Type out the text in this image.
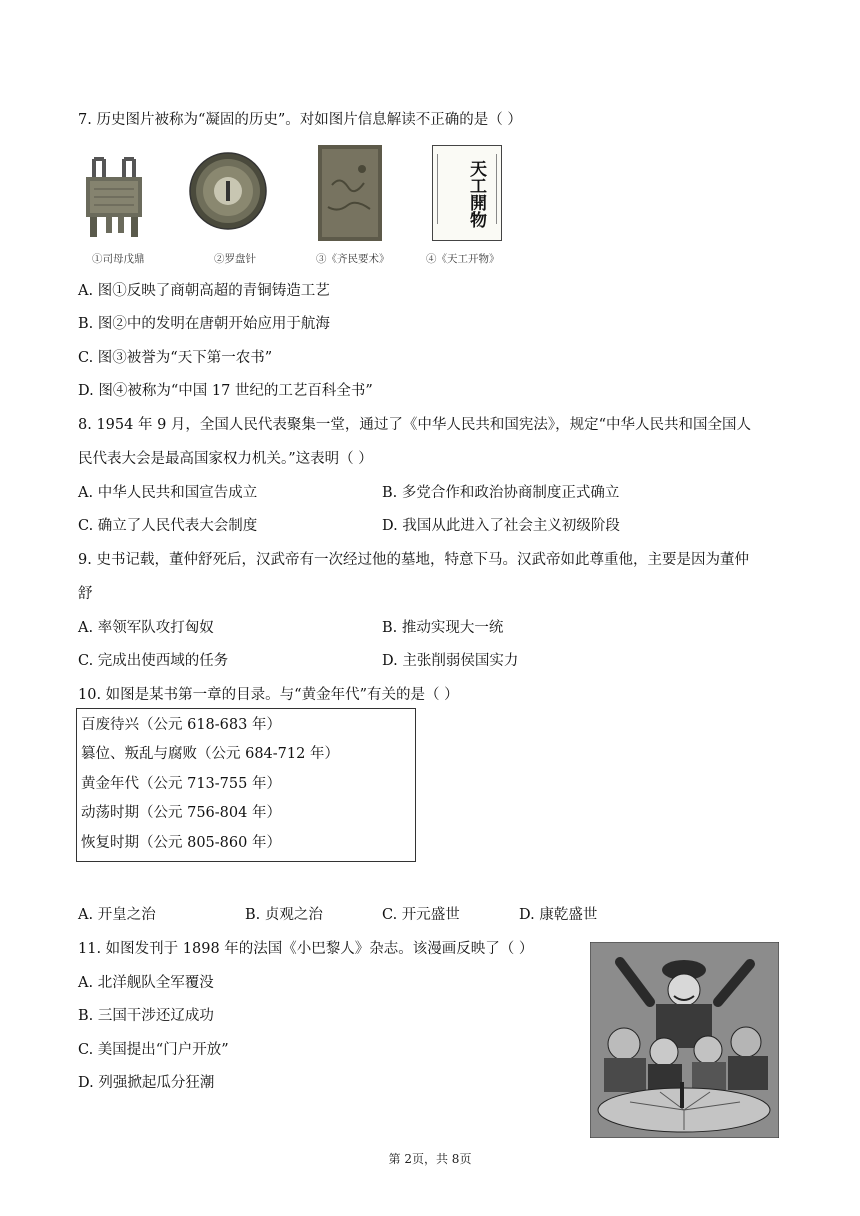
7. 历史图片被称为“凝固的历史”。对如图片信息解读不正确的是（ ）
①司母戊鼎	②罗盘针	③《齐民要术》
天工開物
④《天工开物》
A. 图①反映了商朝高超的青铜铸造工艺
B. 图②中的发明在唐朝开始应用于航海
C. 图③被誉为“天下第一农书”
D. 图④被称为“中国 17 世纪的工艺百科全书”
8. 1954 年 9 月，全国人民代表聚集一堂，通过了《中华人民共和国宪法》，规定“中华人民共和国全国人
民代表大会是最高国家权力机关。”这表明（ ）
A. 中华人民共和国宣告成立	B. 多党合作和政治协商制度正式确立
C. 确立了人民代表大会制度	D. 我国从此进入了社会主义初级阶段
9. 史书记载，董仲舒死后，汉武帝有一次经过他的墓地，特意下马。汉武帝如此尊重他，主要是因为董仲
舒
A. 率领军队攻打匈奴	B. 推动实现大一统
C. 完成出使西域的任务	D. 主张削弱侯国实力
10. 如图是某书第一章的目录。与“黄金年代”有关的是（ ）
百废待兴（公元 618-683 年）
篡位、叛乱与腐败（公元 684-712 年）
黄金年代（公元 713-755 年）
动荡时期（公元 756-804 年）
恢复时期（公元 805-860 年）
A. 开皇之治	B. 贞观之治	C. 开元盛世	D. 康乾盛世
11. 如图发刊于 1898 年的法国《小巴黎人》杂志。该漫画反映了（ ）
A. 北洋舰队全军覆没
B. 三国干涉还辽成功
C. 美国提出“门户开放”
D. 列强掀起瓜分狂潮
第 2页，共 8页
